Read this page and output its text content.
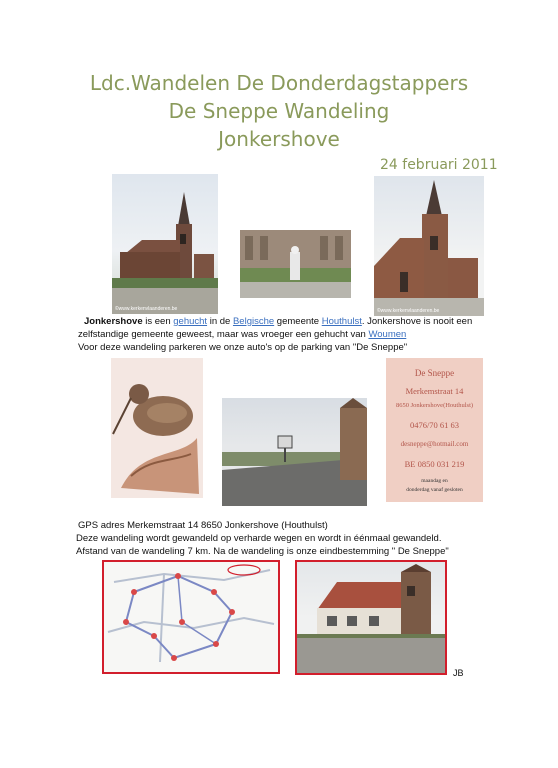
Ldc.Wandelen De Donderdagstappers
De Sneppe Wandeling
Jonkershove
24 februari 2011
©www.kerkenvlaanderen.be	©www.kerkenvlaanderen.be
Jonkershove is een gehucht in de Belgische gemeente Houthulst. Jonkershove is nooit een
zelfstandige gemeente geweest, maar was vroeger een gehucht van Woumen
Voor deze wandeling parkeren we onze auto's op de parking van "De Sneppe"
De Sneppe
Merkemstraat 14
8650 Jonkershove(Houthulst)
0476/70 61 63
desneppe@hotmail.com
BE 0850 031 219
maandag en
donderdag vanaf gesloten
GPS adres Merkemstraat 14 8650 Jonkershove (Houthulst)
Deze wandeling wordt gewandeld op verharde wegen en wordt in éénmaal gewandeld.
Afstand van de wandeling 7 km. Na de wandeling is onze eindbestemming " De Sneppe"
JB
